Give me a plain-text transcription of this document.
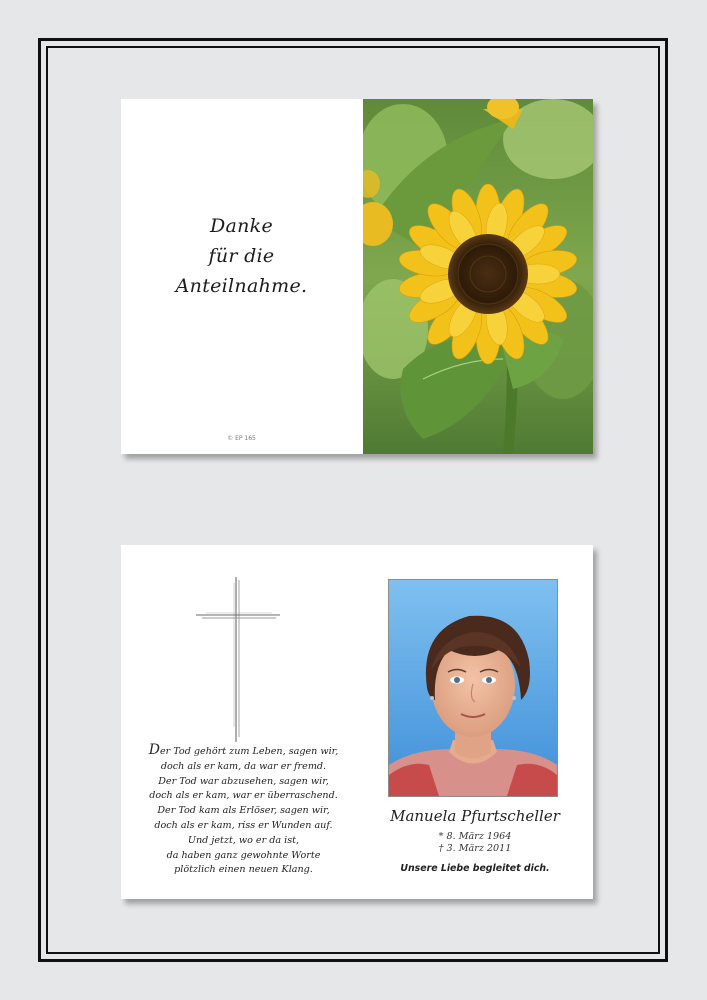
Danke
für die
Anteilnahme.
© EP 165
Der Tod gehört zum Leben, sagen wir,
doch als er kam, da war er fremd.
Der Tod war abzusehen, sagen wir,
doch als er kam, war er überraschend.
Der Tod kam als Erlöser, sagen wir,
doch als er kam, riss er Wunden auf.
Und jetzt, wo er da ist,
da haben ganz gewohnte Worte
plötzlich einen neuen Klang.
Manuela Pfurtscheller
* 8. März 1964
† 3. März 2011
Unsere Liebe begleitet dich.
